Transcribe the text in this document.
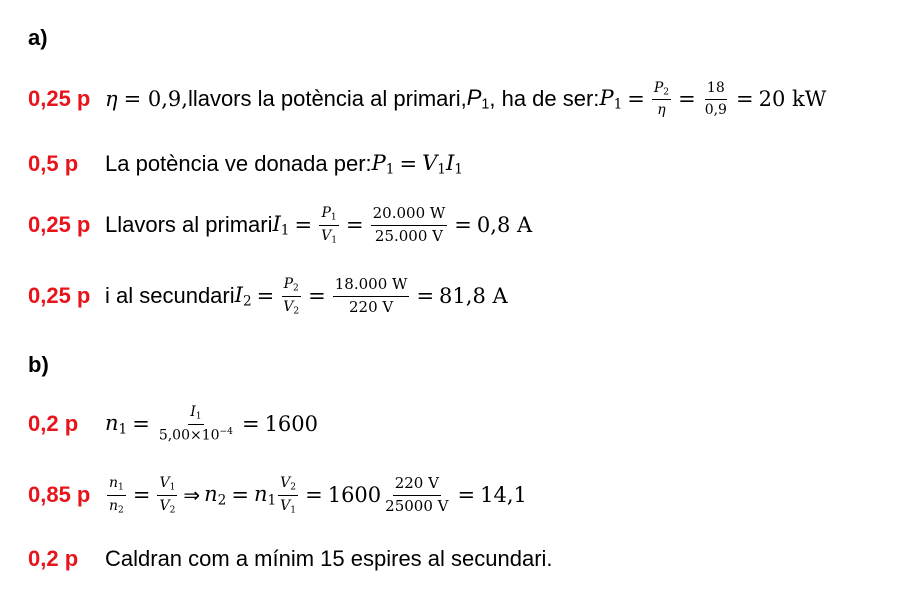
a)
0,25 p η = 0,9, llavors la potència al primari, $P_1$ , ha de ser: $P_1 = \frac{P_2}{\eta} = \frac{18}{0,9} = 20$ kW
0,5 p	La potència ve donada per: $P_1 = V_1I_1$
0,25 p Llavors al primari $I_1 = \frac{P_1}{V_1} = \frac{20.000 W}{25.000 V} = 0,8$ A
0,25 p i al secundari $I_2 = \frac{P_2}{V_2} = \frac{18.000 W}{220 V} = 81,8$ A
b)
0,2 p	$n_1 = \frac{I_1}{5,00\times 10^{-4}} = 1600$
0,85 p	$\frac{n_1}{n_2} = \frac{V_1}{V_2}$ ⇒ $n_2 = n_1 \frac{V_2}{V_1} = 1600 \frac{220 V}{25000 V} = 14,1$
0,2 p	Caldran com a mínim 15 espires al secundari.
